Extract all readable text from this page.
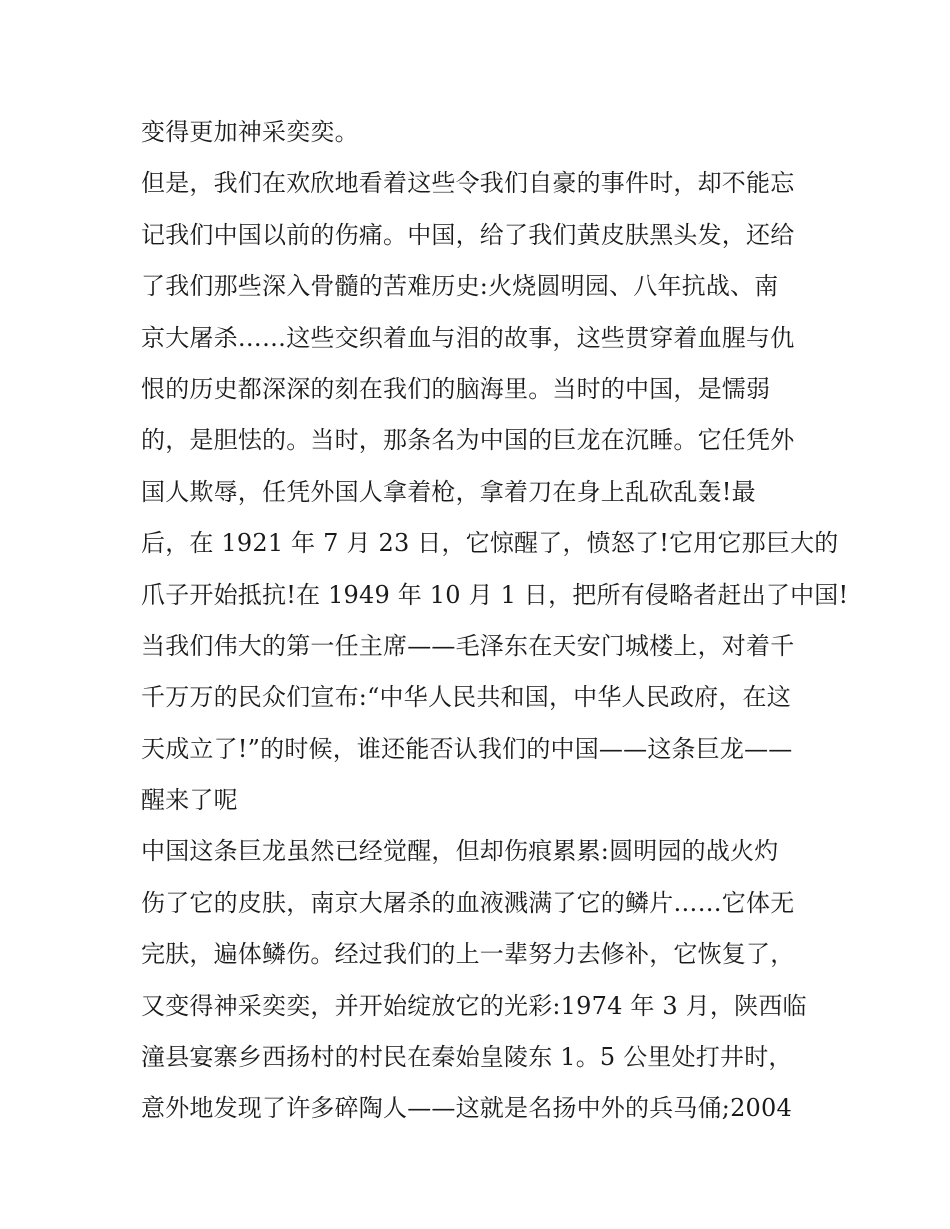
变得更加神采奕奕。
但是，我们在欢欣地看着这些令我们自豪的事件时，却不能忘
记我们中国以前的伤痛。中国，给了我们黄皮肤黑头发，还给
了我们那些深入骨髓的苦难历史:火烧圆明园、八年抗战、南
京大屠杀……这些交织着血与泪的故事，这些贯穿着血腥与仇
恨的历史都深深的刻在我们的脑海里。当时的中国，是懦弱
的，是胆怯的。当时，那条名为中国的巨龙在沉睡。它任凭外
国人欺辱，任凭外国人拿着枪，拿着刀在身上乱砍乱轰!最
后，在 1921 年 7 月 23 日，它惊醒了，愤怒了!它用它那巨大的
爪子开始抵抗!在 1949 年 10 月 1 日，把所有侵略者赶出了中国!
当我们伟大的第一任主席——毛泽东在天安门城楼上，对着千
千万万的民众们宣布:“中华人民共和国，中华人民政府，在这
天成立了!”的时候，谁还能否认我们的中国——这条巨龙——
醒来了呢
中国这条巨龙虽然已经觉醒，但却伤痕累累:圆明园的战火灼
伤了它的皮肤，南京大屠杀的血液溅满了它的鳞片……它体无
完肤，遍体鳞伤。经过我们的上一辈努力去修补，它恢复了，
又变得神采奕奕，并开始绽放它的光彩:1974 年 3 月，陕西临
潼县宴寨乡西扬村的村民在秦始皇陵东 1。5 公里处打井时，
意外地发现了许多碎陶人——这就是名扬中外的兵马俑;2004
